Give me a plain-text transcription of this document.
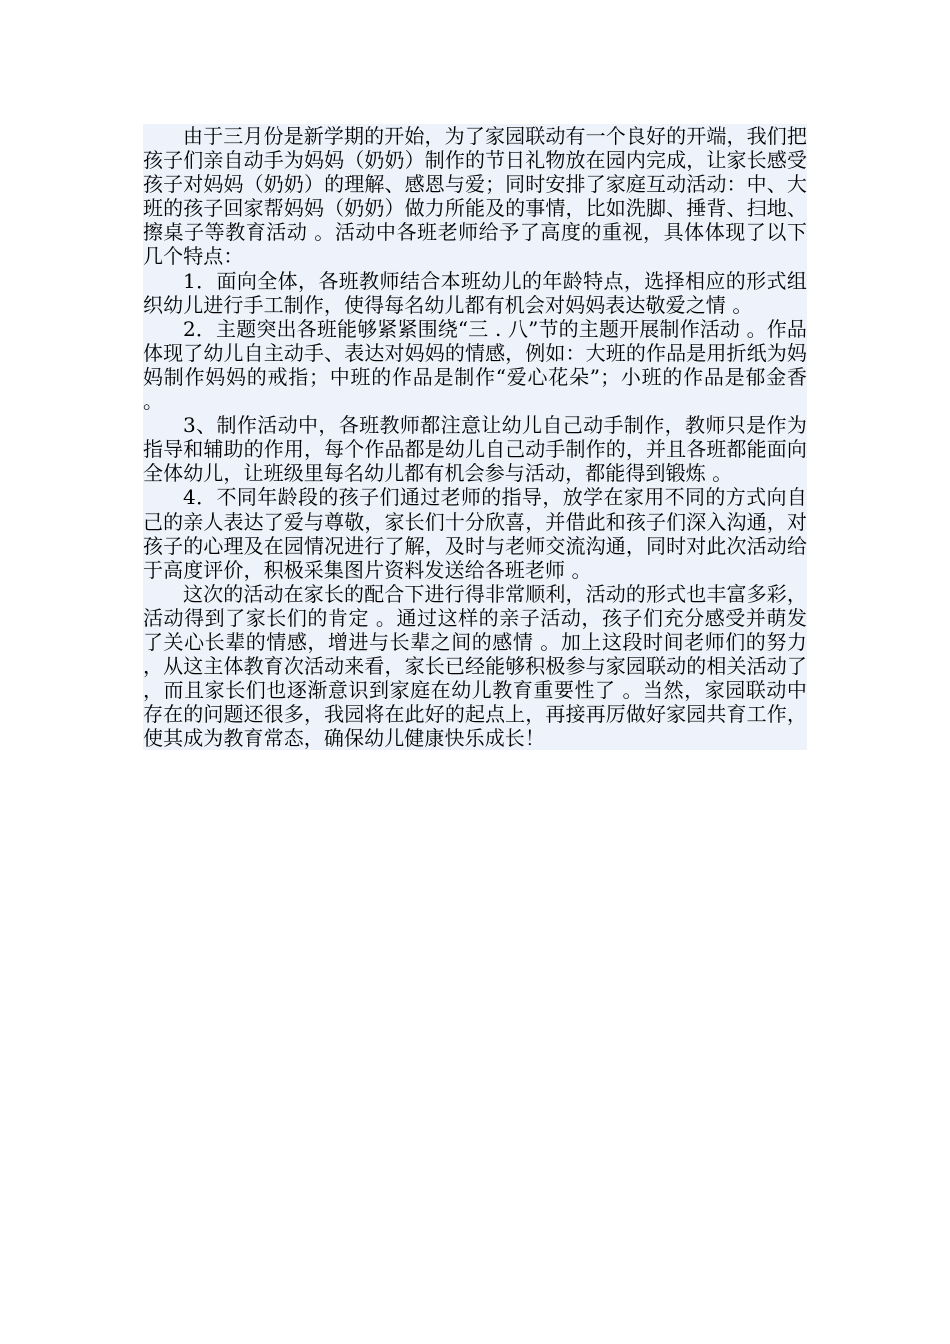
由于三月份是新学期的开始，为了家园联动有一个良好的开端，我们把孩子们亲自动手为妈妈（奶奶）制作的节日礼物放在园内完成，让家长感受孩子对妈妈（奶奶）的理解、感恩与爱；同时安排了家庭互动活动：中、大班的孩子回家帮妈妈（奶奶）做力所能及的事情，比如洗脚、捶背、扫地、擦桌子等教育活动 。活动中各班老师给予了高度的重视，具体体现了以下几个特点：

1．面向全体，各班教师结合本班幼儿的年龄特点，选择相应的形式组织幼儿进行手工制作，使得每名幼儿都有机会对妈妈表达敬爱之情 。

2．主题突出各班能够紧紧围绕“三 . 八”节的主题开展制作活动 。作品体现了幼儿自主动手、表达对妈妈的情感，例如：大班的作品是用折纸为妈妈制作妈妈的戒指；中班的作品是制作“爱心花朵”；小班的作品是郁金香 。

3、制作活动中，各班教师都注意让幼儿自己动手制作，教师只是作为指导和辅助的作用，每个作品都是幼儿自己动手制作的，并且各班都能面向全体幼儿，让班级里每名幼儿都有机会参与活动，都能得到锻炼 。

4．不同年龄段的孩子们通过老师的指导，放学在家用不同的方式向自己的亲人表达了爱与尊敬，家长们十分欣喜，并借此和孩子们深入沟通，对孩子的心理及在园情况进行了解，及时与老师交流沟通，同时对此次活动给于高度评价，积极采集图片资料发送给各班老师 。

这次的活动在家长的配合下进行得非常顺利，活动的形式也丰富多彩，活动得到了家长们的肯定 。通过这样的亲子活动，孩子们充分感受并萌发了关心长辈的情感，增进与长辈之间的感情 。加上这段时间老师们的努力，从这主体教育次活动来看，家长已经能够积极参与家园联动的相关活动了，而且家长们也逐渐意识到家庭在幼儿教育重要性了 。当然，家园联动中存在的问题还很多，我园将在此好的起点上，再接再厉做好家园共育工作，使其成为教育常态，确保幼儿健康快乐成长！
